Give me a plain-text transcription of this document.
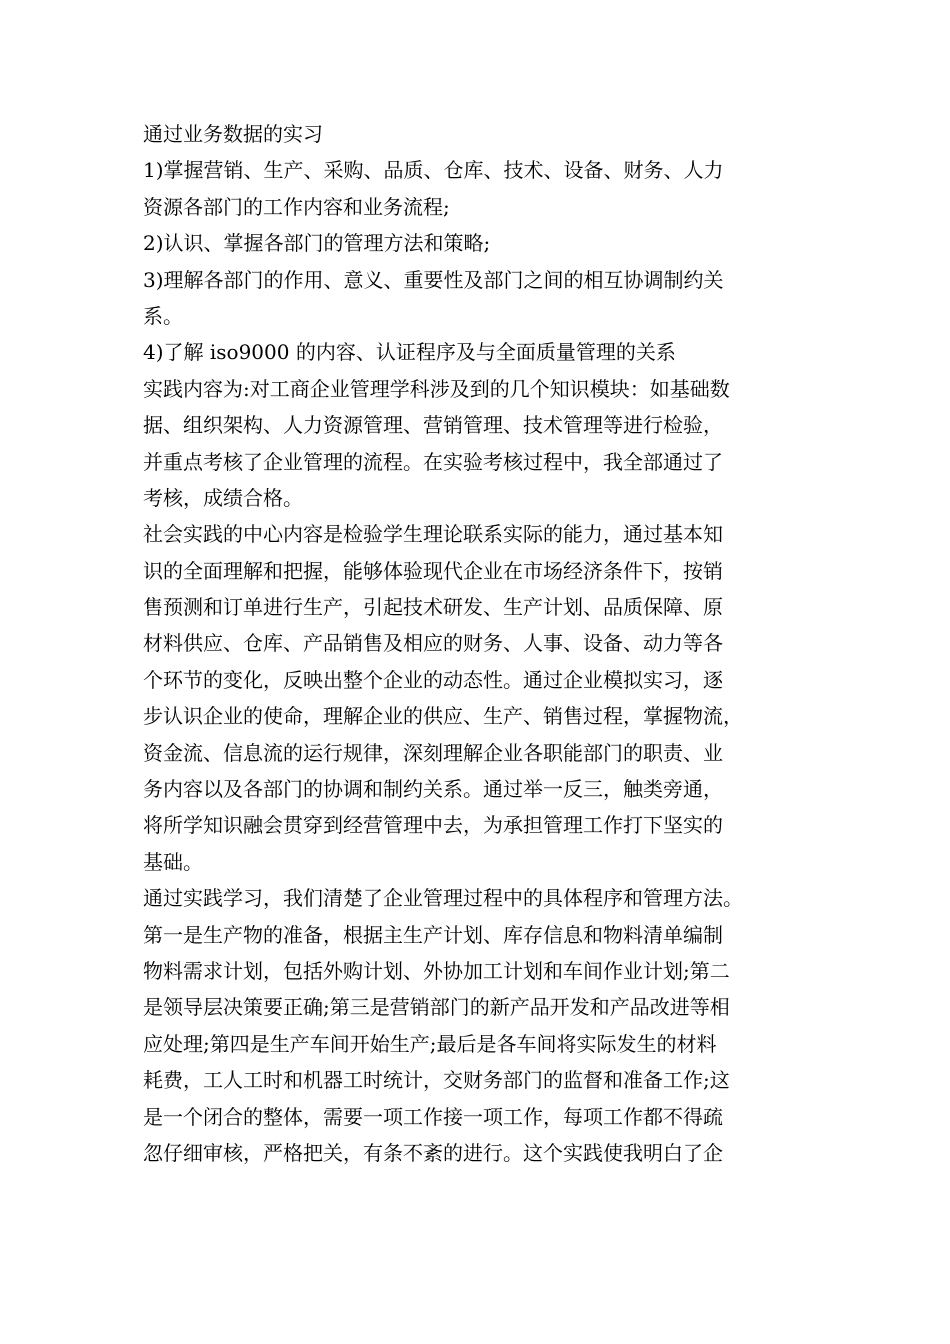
通过业务数据的实习
1)掌握营销、生产、采购、品质、仓库、技术、设备、财务、人力
资源各部门的工作内容和业务流程;
2)认识、掌握各部门的管理方法和策略;
3)理解各部门的作用、意义、重要性及部门之间的相互协调制约关
系。
4)了解 iso9000 的内容、认证程序及与全面质量管理的关系
实践内容为:对工商企业管理学科涉及到的几个知识模块：如基础数
据、组织架构、人力资源管理、营销管理、技术管理等进行检验，
并重点考核了企业管理的流程。在实验考核过程中，我全部通过了
考核，成绩合格。
社会实践的中心内容是检验学生理论联系实际的能力，通过基本知
识的全面理解和把握，能够体验现代企业在市场经济条件下，按销
售预测和订单进行生产，引起技术研发、生产计划、品质保障、原
材料供应、仓库、产品销售及相应的财务、人事、设备、动力等各
个环节的变化，反映出整个企业的动态性。通过企业模拟实习，逐
步认识企业的使命，理解企业的供应、生产、销售过程，掌握物流，
资金流、信息流的运行规律，深刻理解企业各职能部门的职责、业
务内容以及各部门的协调和制约关系。通过举一反三，触类旁通，
将所学知识融会贯穿到经营管理中去，为承担管理工作打下坚实的
基础。
通过实践学习，我们清楚了企业管理过程中的具体程序和管理方法。
第一是生产物的准备，根据主生产计划、库存信息和物料清单编制
物料需求计划，包括外购计划、外协加工计划和车间作业计划;第二
是领导层决策要正确;第三是营销部门的新产品开发和产品改进等相
应处理;第四是生产车间开始生产;最后是各车间将实际发生的材料
耗费，工人工时和机器工时统计，交财务部门的监督和准备工作;这
是一个闭合的整体，需要一项工作接一项工作，每项工作都不得疏
忽仔细审核，严格把关，有条不紊的进行。这个实践使我明白了企
